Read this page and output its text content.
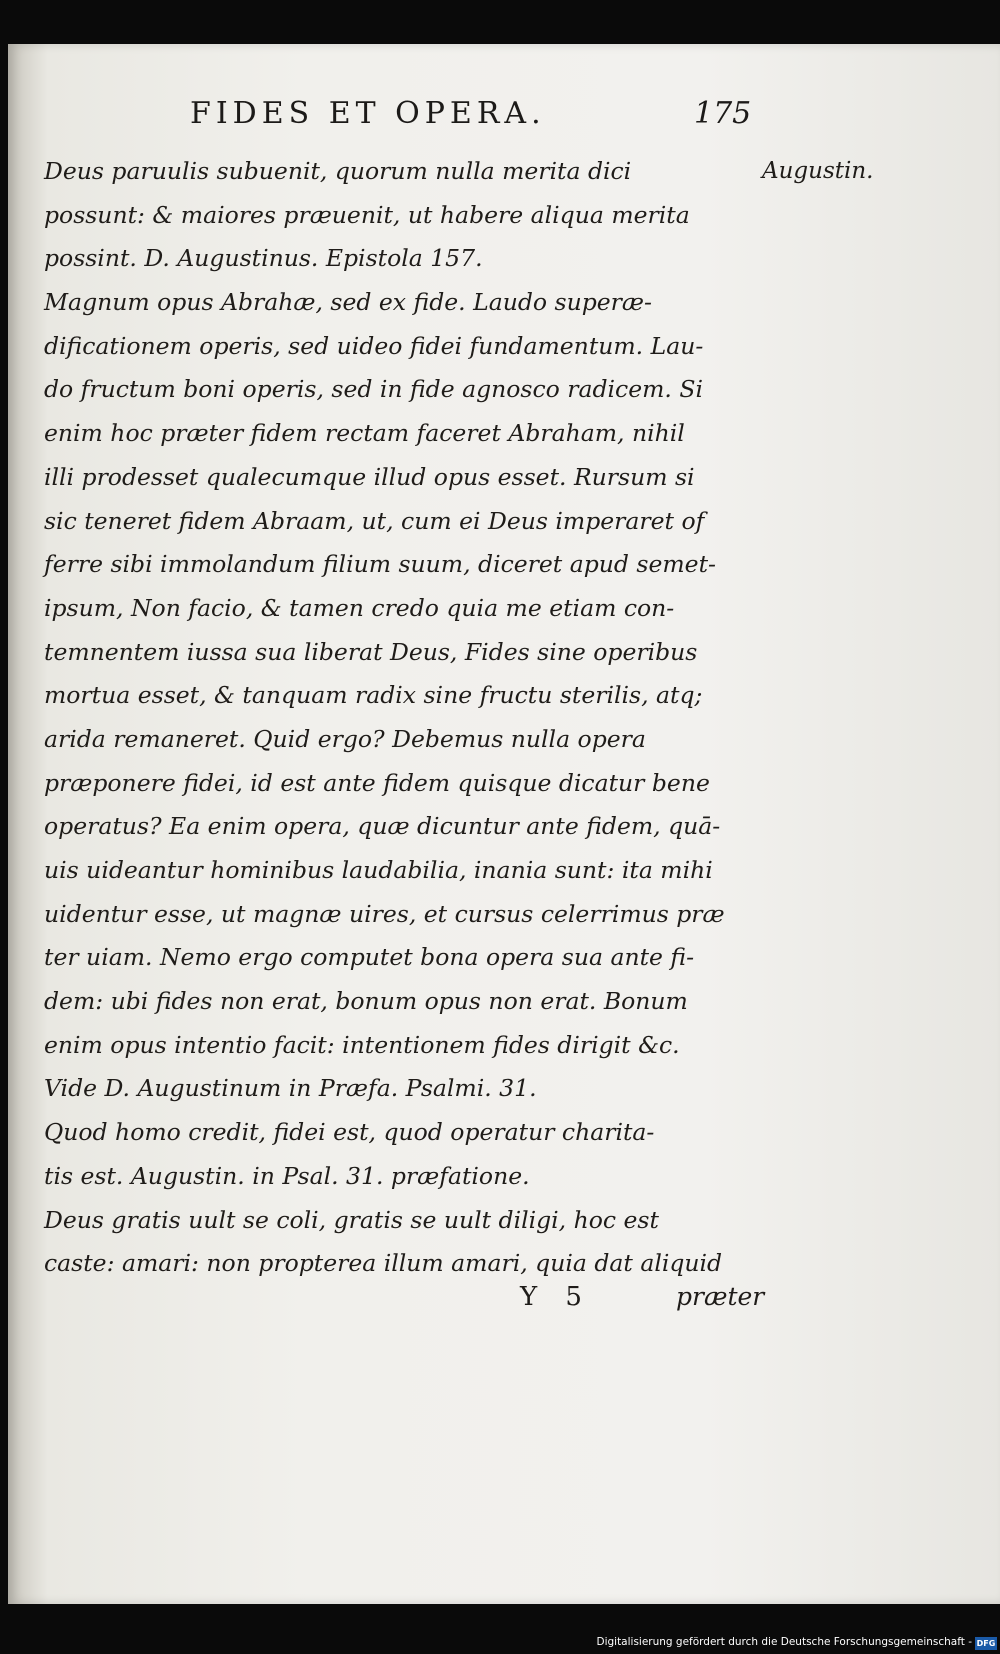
FIDES ET OPERA.	175
Deus paruulis subuenit, quorum nulla merita dici
possunt: & maiores præuenit, ut habere aliqua merita
possint. D. Augustinus. Epistola 157.
Magnum opus Abrahæ, sed ex fide. Laudo superæ-
dificationem operis, sed uideo fidei fundamentum. Lau-
do fructum boni operis, sed in fide agnosco radicem. Si
enim hoc præter fidem rectam faceret Abraham, nihil
illi prodesset qualecumque illud opus esset. Rursum si
sic teneret fidem Abraam, ut, cum ei Deus imperaret of
ferre sibi immolandum filium suum, diceret apud semet-
ipsum, Non facio, & tamen credo quia me etiam con-
temnentem iussa sua liberat Deus, Fides sine operibus
mortua esset, & tanquam radix sine fructu sterilis, atq;
arida remaneret. Quid ergo? Debemus nulla opera
præponere fidei, id est ante fidem quisque dicatur bene
operatus? Ea enim opera, quæ dicuntur ante fidem, quā-
uis uideantur hominibus laudabilia, inania sunt: ita mihi
uidentur esse, ut magnæ uires, et cursus celerrimus præ
ter uiam. Nemo ergo computet bona opera sua ante fi-
dem: ubi fides non erat, bonum opus non erat. Bonum
enim opus intentio facit: intentionem fides dirigit &c.
Vide D. Augustinum in Præfa. Psalmi. 31.
Quod homo credit, fidei est, quod operatur charita-
tis est. Augustin. in Psal. 31. præfatione.
Deus gratis uult se coli, gratis se uult diligi, hoc est
caste: amari: non propterea illum amari, quia dat aliquid
Augustin.
Y 5	præter
Digitalisierung gefördert durch die Deutsche Forschungsgemeinschaft - DFG
